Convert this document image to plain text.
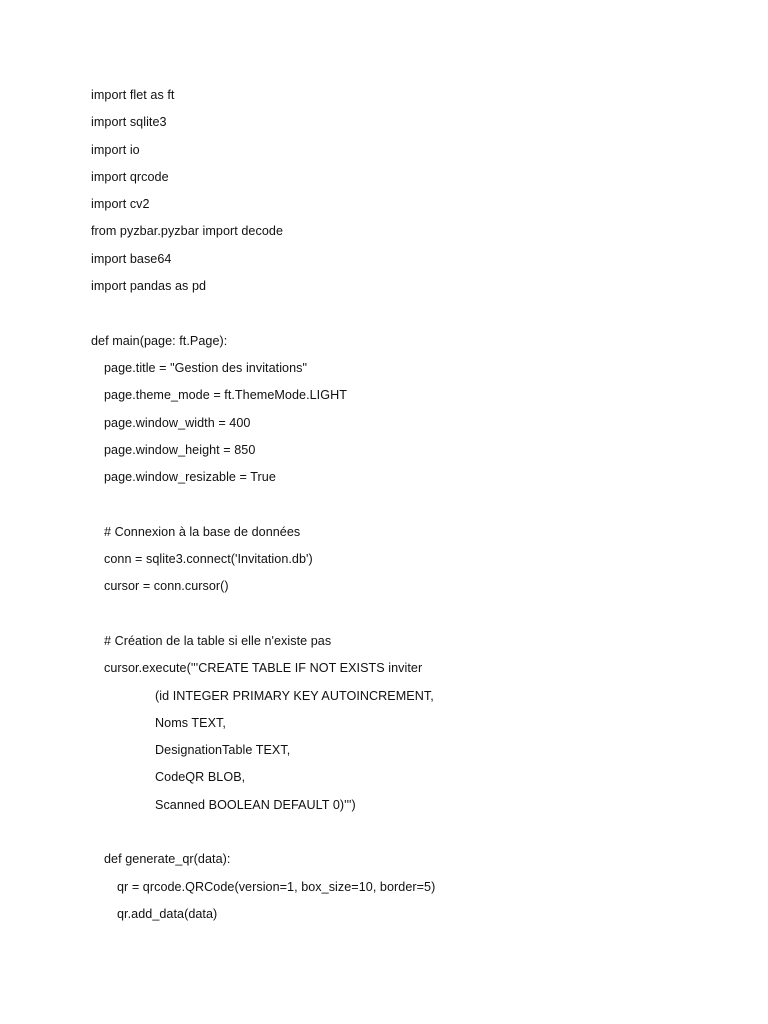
import flet as ft
import sqlite3
import io
import qrcode
import cv2
from pyzbar.pyzbar import decode
import base64
import pandas as pd
def main(page: ft.Page):
page.title = "Gestion des invitations"
page.theme_mode = ft.ThemeMode.LIGHT
page.window_width = 400
page.window_height = 850
page.window_resizable = True
# Connexion à la base de données
conn = sqlite3.connect('Invitation.db')
cursor = conn.cursor()
# Création de la table si elle n'existe pas
cursor.execute('''CREATE TABLE IF NOT EXISTS inviter
(id INTEGER PRIMARY KEY AUTOINCREMENT,
Noms TEXT,
DesignationTable TEXT,
CodeQR BLOB,
Scanned BOOLEAN DEFAULT 0)''')
def generate_qr(data):
qr = qrcode.QRCode(version=1, box_size=10, border=5)
qr.add_data(data)
